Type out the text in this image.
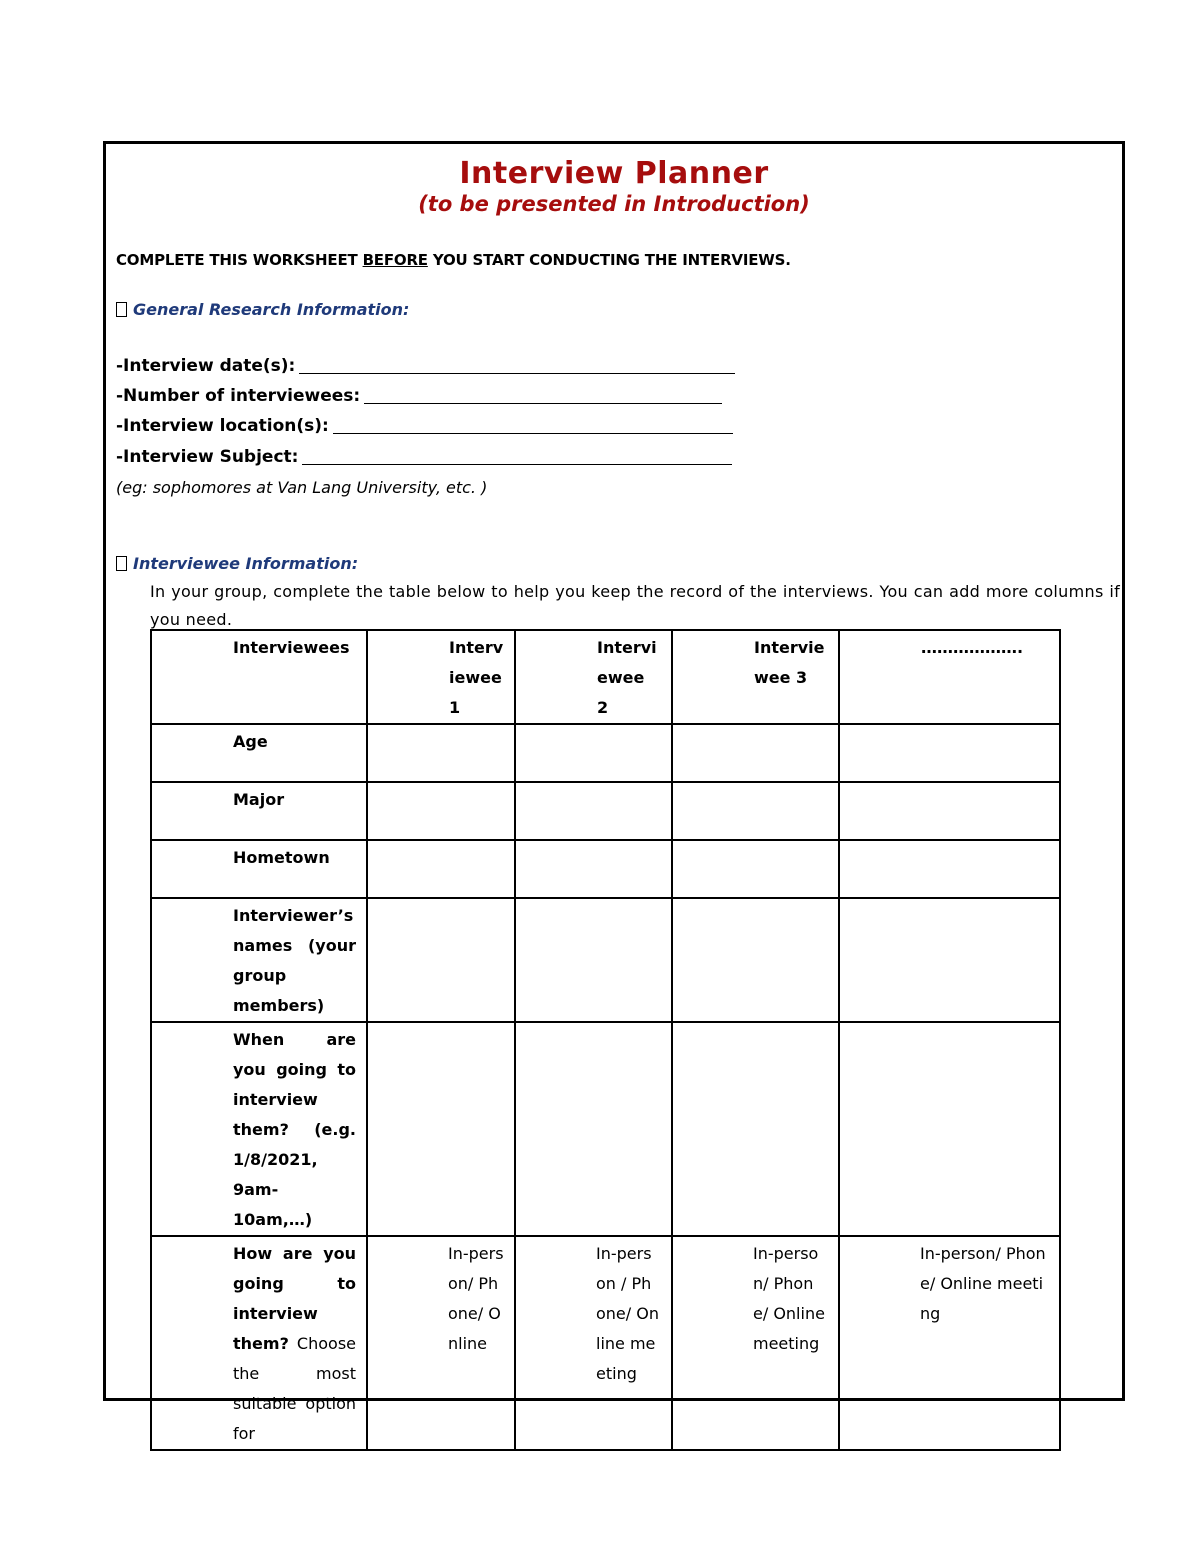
Interview Planner
(to be presented in Introduction)
COMPLETE THIS WORKSHEET BEFORE YOU START CONDUCTING THE INTERVIEWS.
General Research Information:
-Interview date(s):
-Number of interviewees:
-Interview location(s):
-Interview Subject:
(eg: sophomores at Van Lang University, etc. )
Interviewee Information:
In your group, complete the table below to help you keep the record of the interviews. You can add more columns if you need.
Interviewees	Interviewee 1	Interviewee 2	Interviewee 3	……………….
Age				
Major				
Hometown				
Interviewer’s names (your group members)				
When are you going to interview them? (e.g. 1/8/2021, 9am-10am,…)				
How are you going to interview them? Choose the most suitable option for	In-person/ Phone/ Online	In-person / Phone/ Online meeting	In-person/ Phone/ Online meeting	In-person/ Phone/ Online meeting
